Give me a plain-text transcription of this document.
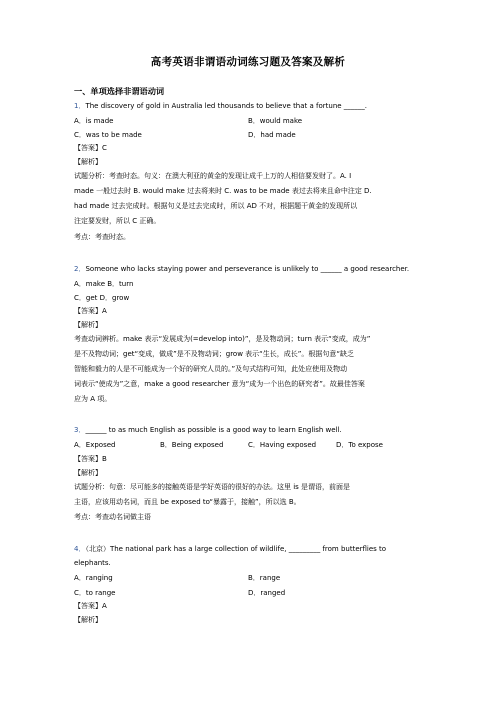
高考英语非谓语动词练习题及答案及解析
一、单项选择非谓语动词
1．The discovery of gold in Australia led thousands to believe that a fortune ______.
A．is made	B．would make
C．was to be made	D．had made
【答案】C
【解析】
试题分析：考查时态。句义：在澳大利亚的黄金的发现让成千上万的人相信要发财了。A. I
made 一般过去时 B. would make 过去将来时 C. was to be made 表过去将来且命中注定 D.
had made 过去完成时。根据句义是过去完成时，所以 AD 不对，根据题干黄金的发现所以
注定要发财，所以 C 正确。
考点：考查时态。
2．Someone who lacks staying power and perseverance is unlikely to ______ a good researcher.
A．make B．turn
C．get D．grow
【答案】A
【解析】
考查动词辨析。make 表示“发展成为(=develop into)”，是及物动词；turn 表示“变成，成为”
是不及物动词；get“变成，做成”是不及物动词；grow 表示“生长，成长”。根据句意“缺乏
智能和毅力的人是不可能成为一个好的研究人员的。”及句式结构可知，此处应使用及物动
词表示“使成为”之意，make a good researcher 意为“成为一个出色的研究者”。故最佳答案
应为 A 项。
3．______ to as much English as possible is a good way to learn English well.
A．Exposed	B．Being exposed	C．Having exposed	D．To expose
【答案】B
【解析】
试题分析：句意：尽可能多的接触英语是学好英语的很好的办法。这里 is 是谓语，前面是
主语，应该用动名词，而且 be exposed to“暴露于，接触”，所以选 B。
考点：考查动名词做主语
4．（北京）The national park has a large collection of wildlife, _________ from butterflies to
elephants.
A．ranging	B．range
C．to range	D．ranged
【答案】A
【解析】
